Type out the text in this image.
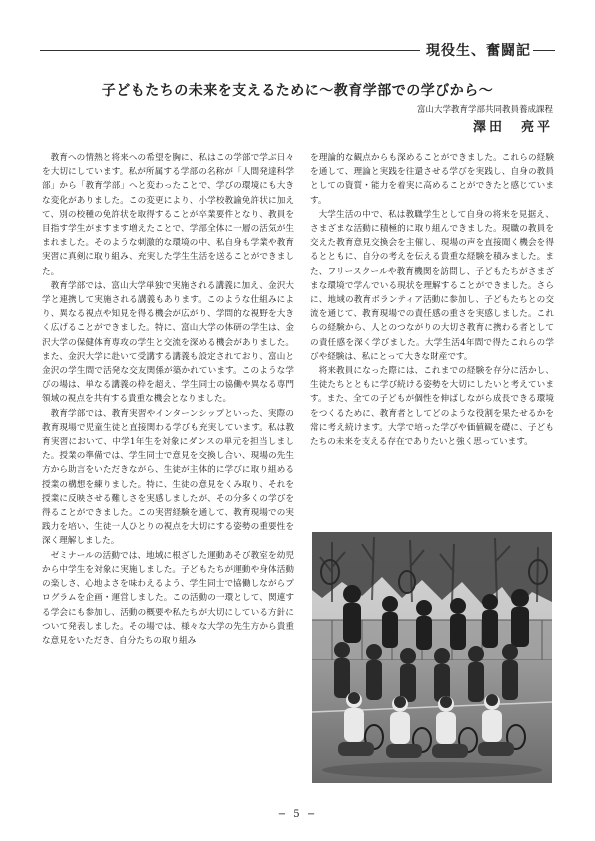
現役生、奮闘記
子どもたちの未来を支えるために〜教育学部での学びから〜
富山大学教育学部共同教員養成課程
澤田　亮平

教育への情熱と将来への希望を胸に、私はこの学部で学ぶ日々を大切にしています。私が所属する学部の名称が「人間発達科学部」から「教育学部」へと変わったことで、学びの環境にも大きな変化がありました。この変更により、小学校教諭免許状に加えて、別の校種の免許状を取得することが卒業要件となり、教員を目指す学生がますます増えたことで、学部全体に一層の活気が生まれました。そのような刺激的な環境の中、私自身も学業や教育実習に真剣に取り組み、充実した学生生活を送ることができました。

教育学部では、富山大学単独で実施される講義に加え、金沢大学と連携して実施される講義もあります。このような仕組みにより、異なる視点や知見を得る機会が広がり、学問的な視野を大きく広げることができました。特に、富山大学の体研の学生は、金沢大学の保健体育専攻の学生と交流を深める機会がありました。また、金沢大学に赴いて受講する講義も設定されており、富山と金沢の学生間で活発な交友関係が築かれています。このような学びの場は、単なる講義の枠を超え、学生同士の協働や異なる専門領域の視点を共有する貴重な機会となりました。

教育学部では、教育実習やインターンシップといった、実際の教育現場で児童生徒と直接関わる学びも充実しています。私は教育実習において、中学1年生を対象にダンスの単元を担当しました。授業の準備では、学生同士で意見を交換し合い、現場の先生方から助言をいただきながら、生徒が主体的に学びに取り組める授業の構想を練りました。特に、生徒の意見をくみ取り、それを授業に反映させる難しさを実感しましたが、その分多くの学びを得ることができました。この実習経験を通して、教育現場での実践力を培い、生徒一人ひとりの視点を大切にする姿勢の重要性を深く理解しました。

ゼミナールの活動では、地域に根ざした運動あそび教室を幼児から中学生を対象に実施しました。子どもたちが運動や身体活動の楽しさ、心地よさを味わえるよう、学生同士で協働しながらプログラムを企画・運営しました。この活動の一環として、関連する学会にも参加し、活動の概要や私たちが大切にしている方針について発表しました。その場では、様々な大学の先生方から貴重な意見をいただき、自分たちの取り組み

を理論的な観点からも深めることができました。これらの経験を通して、理論と実践を往還させる学びを実践し、自身の教員としての資質・能力を着実に高めることができたと感じています。

大学生活の中で、私は教職学生として自身の将来を見据え、さまざまな活動に積極的に取り組んできました。現職の教員を交えた教育意見交換会を主催し、現場の声を直接聞く機会を得るとともに、自分の考えを伝える貴重な経験を積みました。また、フリースクールや教育機関を訪問し、子どもたちがさまざまな環境で学んでいる現状を理解することができました。さらに、地域の教育ボランティア活動に参加し、子どもたちとの交流を通じて、教育現場での責任感の重さを実感しました。これらの経験から、人とのつながりの大切さ教育に携わる者としての責任感を深く学びました。大学生活4年間で得たこれらの学びや経験は、私にとって大きな財産です。

将来教員になった際には、これまでの経験を存分に活かし、生徒たちとともに学び続ける姿勢を大切にしたいと考えています。また、全ての子どもが個性を伸ばしながら成長できる環境をつくるために、教育者としてどのような役割を果たせるかを常に考え続けます。大学で培った学びや価値観を礎に、子どもたちの未来を支える存在でありたいと強く思っています。

− 5 −
